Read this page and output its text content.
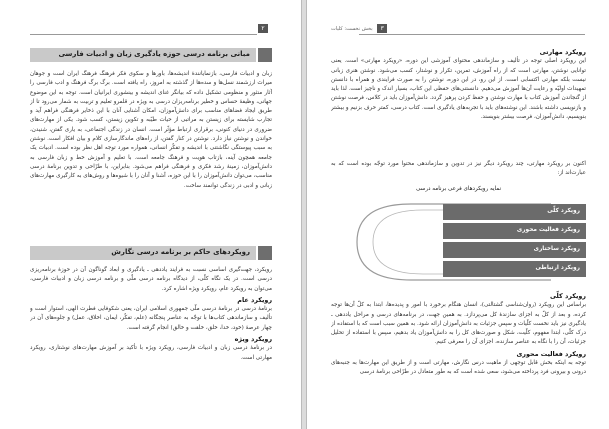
۲
مبانی برنامه درسی حوزه یادگیری زبان و ادبیات فارسی
زبان و ادبیات فارسی، بازنمایانندۀ اندیشه‌ها، باورها و سکوی فکر فرهنگ فرهنگ ایران است و جوهان میراث ارزشمند نسل‌ها و سده‌ها از گذشته به امروز، راه یافته است. برگ برگ فرهنگ و ادب فارسی را آثار منثور و منظومی تشکیل داده که بیانگر غنای اندیشه و بینشوری ایرانیان است. توجه به این موضوع جهانی، وظیفۀ حساس و خطیر برنامه‌ریزان درسی به ویژه در قلمرو تعلیم و تربیت به شمار می‌رود تا از طریق ایجاد فضاهای مناسب برای دانش‌آموزان، امکان آشنایی آنان با این ذخایر فرهنگی فراهم آید و تجارب شایسته برای زیستن به مراتبی از حیات طیّبه و تکوین زیستن، کسب شود. یکی از مهارت‌های ضروری در دنیای کنونی، برقراری ارتباط مؤثّر است. انسان در زندگی اجتماعی، به یاری گفتن، شنیدن، خواندن و نوشتن نیاز دارد. نوشتن در کنار گفتن، از راه‌های ماندگارسازی کلام و بیان افکار است. نوشتن به سبب پیوستگی نگاشتنی با اندیشه و تفکّر انسانی، همواره مورد توجه اهل نظر بوده است. ادبیات یک جامعه همچون آینه، بازتاب هویت و فرهنگ جامعه است. با تعلیم و آموزش خط و زبان فارسی به دانش‌آموزان، زمینۀ رشد فکری و فرهنگی فراهم می‌شود. بنابراین، با طرّاحی و تدوین برنامۀ درسی مناسب، می‌توان دانش‌آموزان را با این حوزه، آشنا و آنان را با شیوه‌ها و روش‌های به کارگیری مهارت‌های زبانی و ادبی در زندگی توانمند ساخت.
رویکردهای حاکم بر برنامه درسی نگارش
رویکرد، جهت‌گیری اساسی نسبت به فرایند یاددهی ـ یادگیری و ابعاد گوناگون آن در حوزۀ برنامه‌ریزی درسی است. در یک نگاه کلّی، از دیدگاه برنامه درسی ملّی و برنامه درسی زبان و ادبیات فارسی، می‌توان به رویکرد عام، رویکرد ویژه اشاره کرد.
رویکرد عام
برنامۀ درسی در برنامۀ درسی ملّی جمهوری اسلامی ایران، یعنی شکوفایی فطرت الهی، استوار است و تألیف و سازماندهی کتاب‌ها با توجّه به عناصر پنجگانه (علم، تفکّر، ایمان، اخلاق، عمل) و جلوه‌های آن در چهار عرصۀ (خود، خدا، خلق، خلقت و خالق) انجام گرفته است.
رویکرد ویژه
در برنامۀ درسی زبان و ادبیات فارسی، رویکرد ویژه با تأکید بر آموزش مهارت‌های نوشتاری، رویکرد مهارتی است.
۳ بخش نخست: کلیات
رویکرد مهارتی
این رویکرد اصلی توجه در تألیف و سازماندهی محتوای آموزشی این دوره، «رویکرد مهارتی» است. یعنی توانایی نوشتن، مهارتی است که از راه آموزش، تمرین، تکرار و نوشتار، کسب می‌شود. نوشتن هنری زبانی نیست بلکه مهارتی اکتسابی است. از این رو، در این دوره، نوشتن را به صورت فرایندی و همراه با دانستن تمهیدات اولیّه و رعایت آن‌ها آموزش می‌دهیم. دانستنی‌های حفظی این کتاب، بسیار اندک و ناچیز است. لذا باید از گنجاندن آموزش کتاب با مهارت نوشتن و حفظ کردن پرهیز گردد. دانش‌آموزان باید در کلاس، فرصت نوشتن و بازنویسی داشته باشند. این نوشته‌های باید با تجربه‌های یادگیری است. کتاب درسی، کمتر حرف بزنیم و بیشتر بنویسیم، دانش‌آموزان، فرصت بیشتر بنویسند.
اکنون بر رویکرد مهارتی، چند رویکرد دیگر نیز در تدوین و سازماندهی محتوا مورد توجّه بوده است که به عبارت‌اند از:
نمایه رویکردهای فرعی برنامه درسی
رویکرد کلّی
رویکرد فعالیت محوری
رویکرد ساختاری
رویکرد ارتباطی
رویکرد کلّی
براساس این رویکرد (روان‌شناسی گشتالتی)، انسان هنگام برخورد با امور و پدیده‌ها، ابتدا به کلّ آن‌ها توجه کرده، و بعد از کلّ به اجزای سازندۀ کل می‌پردازد. به همین جهت، در برنامه‌های درسی و مراحل یاددهی ـ یادگیری نیز باید نخست کلّیات و سپس جزئیات به دانش‌آموزان ارائه شود. به همین سبب است که با استفاده از درک کلّی، ابتدا مفهوم، کلّیت، شکل و صورت‌های کل را به دانش‌آموزان یاد بدهیم، سپس با استفاده از تحلیل جزئیات، آن را با نگاه به عناصر سازنده، اجزای آن را معرفی کنیم.
رویکرد فعالیت محوری
توجه به اینکه بخش قابل توجهی از ماهیت درس نگارش، مهارتی است و از طریق این مهارت‌ها به جنبه‌های درونی و بیرونی فرد پرداخته می‌شود، سعی شده است که به طور متعادل در طرّاحی برنامۀ درسی
